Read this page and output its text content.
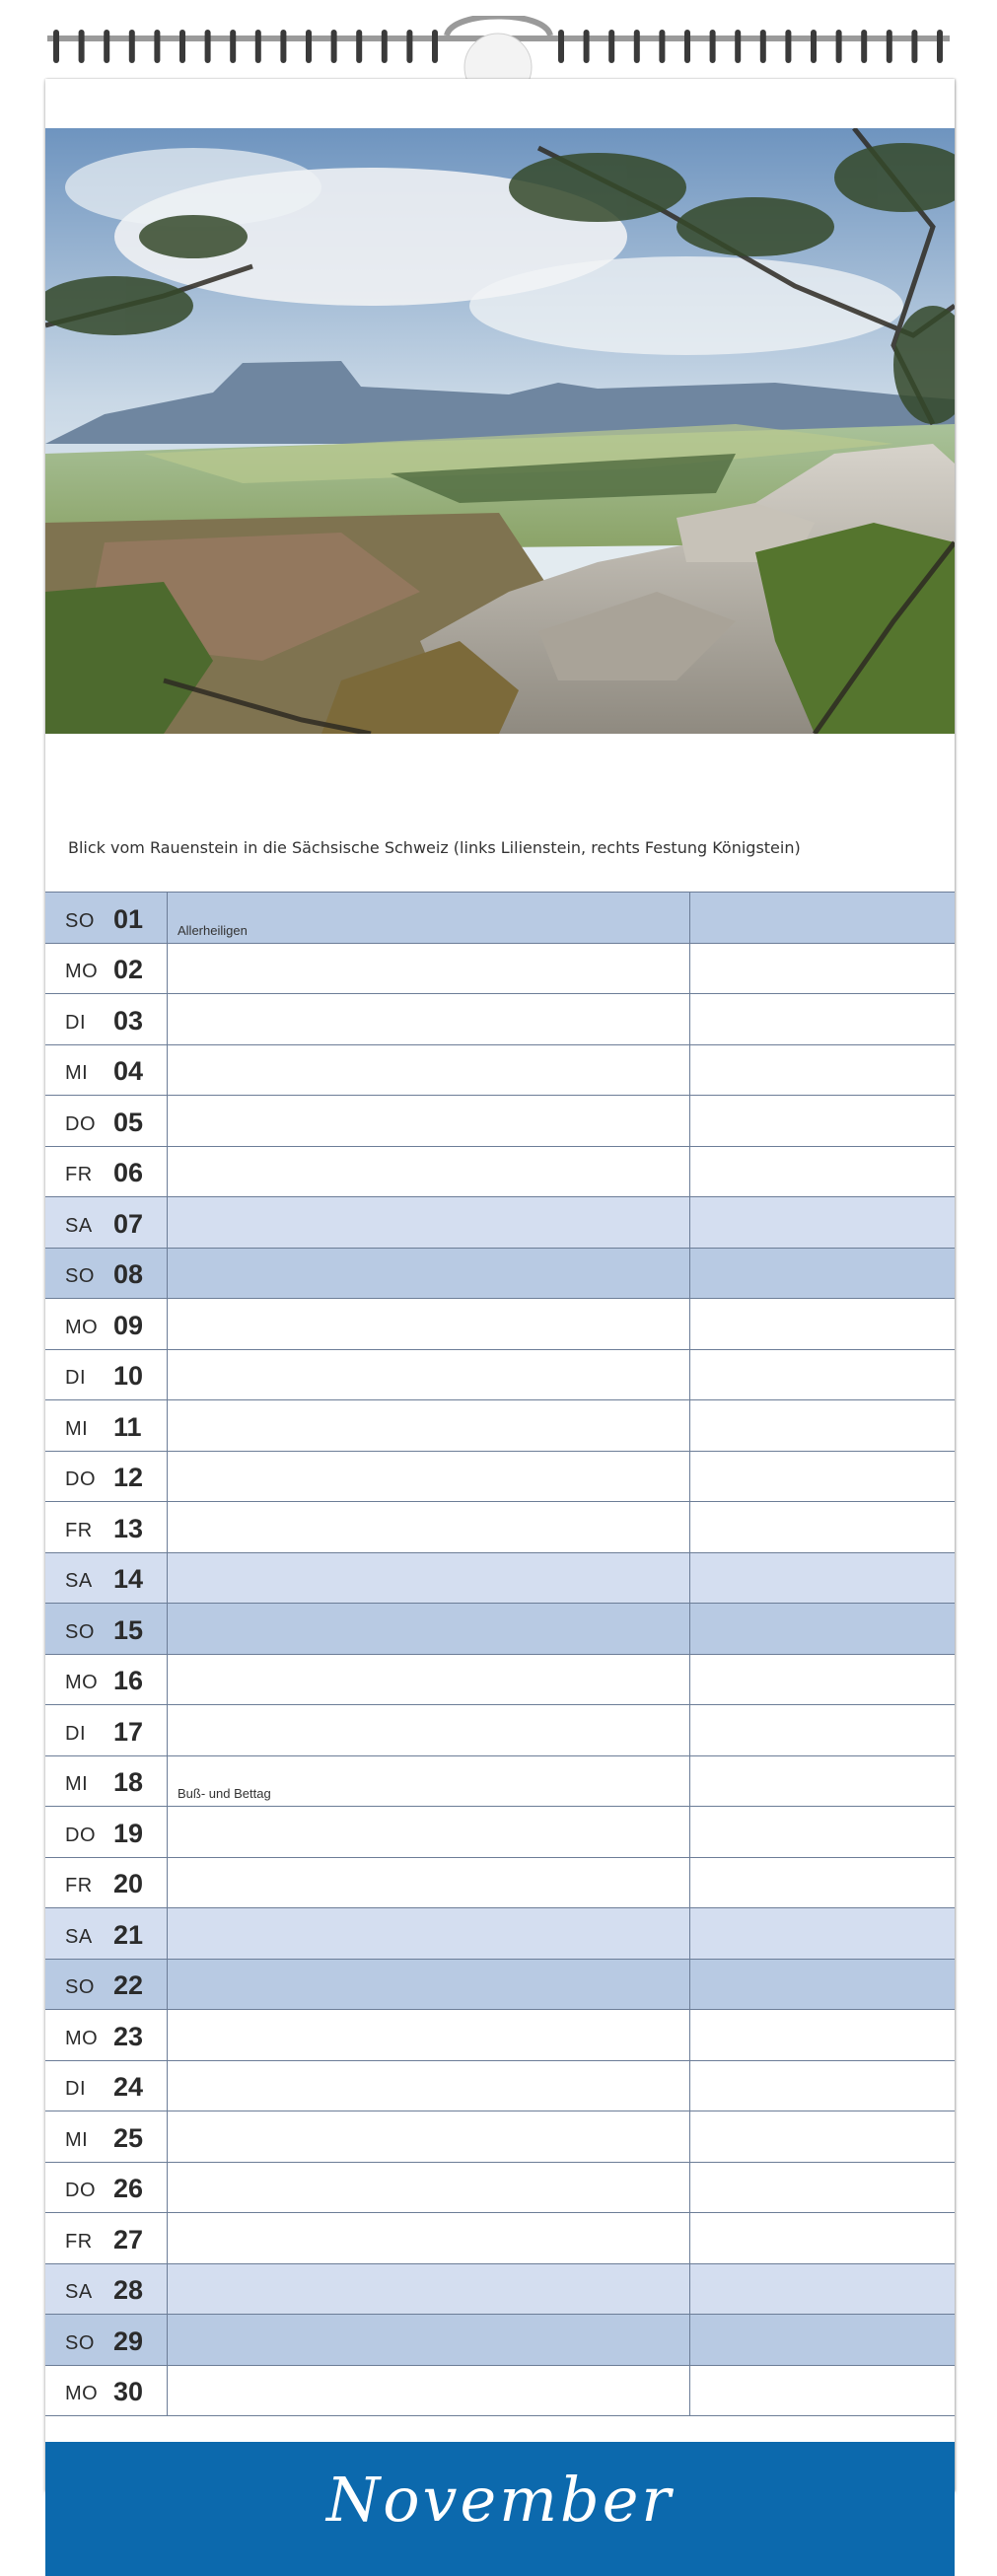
Blick vom Rauenstein in die Sächsische Schweiz (links Lilienstein, rechts Festung Königstein)
SO 01	Allerheiligen
MO 02
DI 03
MI 04
DO 05
FR 06
SA 07
SO 08
MO 09
DI 10
MI 11
DO 12
FR 13
SA 14
SO 15
MO 16
DI 17
MI 18	Buß- und Bettag
DO 19
FR 20
SA 21
SO 22
MO 23
DI 24
MI 25
DO 26
FR 27
SA 28
SO 29
MO 30
November
